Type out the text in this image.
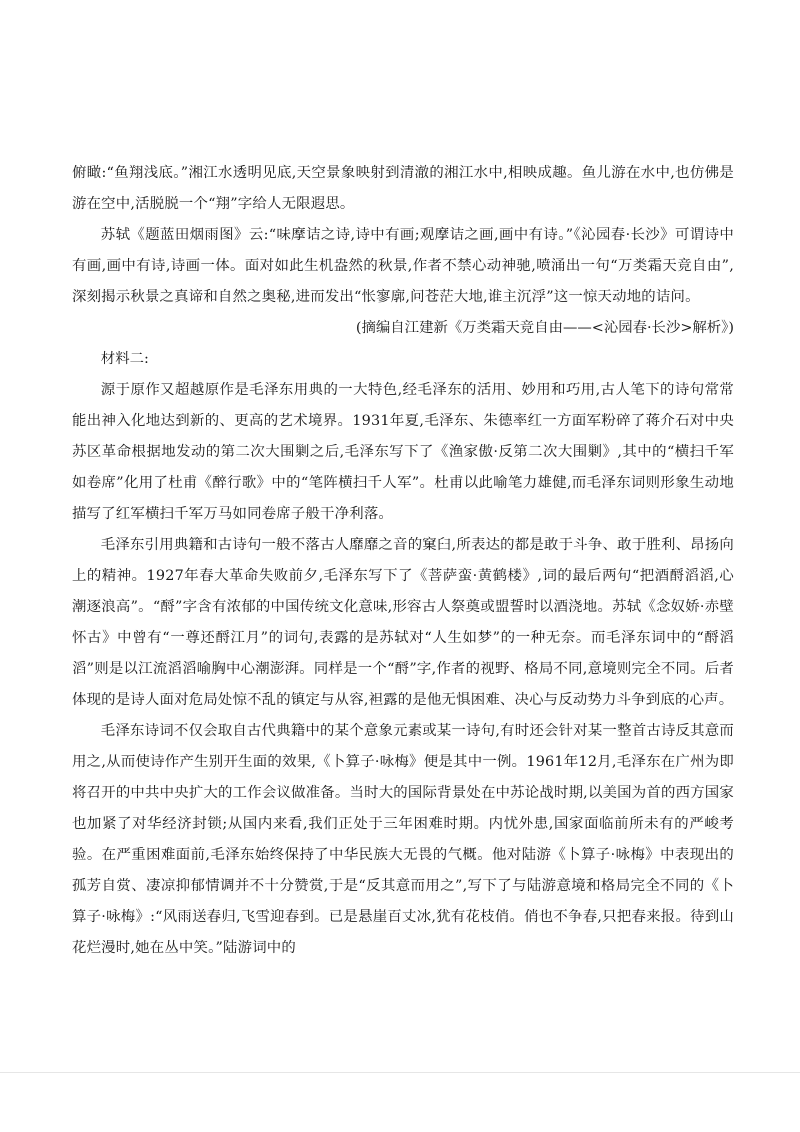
俯瞰:“鱼翔浅底。”湘江水透明见底,天空景象映射到清澈的湘江水中,相映成趣。鱼儿游在水中,也仿佛是游在空中,活脱脱一个“翔”字给人无限遐思。

苏轼《题蓝田烟雨图》云:“味摩诘之诗,诗中有画;观摩诘之画,画中有诗。”《沁园春·长沙》可谓诗中有画,画中有诗,诗画一体。面对如此生机盎然的秋景,作者不禁心动神驰,喷涌出一句“万类霜天竞自由”,深刻揭示秋景之真谛和自然之奥秘,进而发出“怅寥廓,问苍茫大地,谁主沉浮”这一惊天动地的诘问。

(摘编自江建新《万类霜天竞自由——<沁园春·长沙>解析》)

材料二:

源于原作又超越原作是毛泽东用典的一大特色,经毛泽东的活用、妙用和巧用,古人笔下的诗句常常能出神入化地达到新的、更高的艺术境界。1931年夏,毛泽东、朱德率红一方面军粉碎了蒋介石对中央苏区革命根据地发动的第二次大围剿之后,毛泽东写下了《渔家傲·反第二次大围剿》,其中的“横扫千军如卷席”化用了杜甫《醉行歌》中的“笔阵横扫千人军”。杜甫以此喻笔力雄健,而毛泽东词则形象生动地描写了红军横扫千军万马如同卷席子般干净利落。

毛泽东引用典籍和古诗句一般不落古人靡靡之音的窠臼,所表达的都是敢于斗争、敢于胜利、昂扬向上的精神。1927年春大革命失败前夕,毛泽东写下了《菩萨蛮·黄鹤楼》,词的最后两句“把酒酹滔滔,心潮逐浪高”。“酹”字含有浓郁的中国传统文化意味,形容古人祭奠或盟誓时以酒浇地。苏轼《念奴娇·赤壁怀古》中曾有“一尊还酹江月”的词句,表露的是苏轼对“人生如梦”的一种无奈。而毛泽东词中的“酹滔滔”则是以江流滔滔喻胸中心潮澎湃。同样是一个“酹”字,作者的视野、格局不同,意境则完全不同。后者体现的是诗人面对危局处惊不乱的镇定与从容,袒露的是他无惧困难、决心与反动势力斗争到底的心声。

毛泽东诗词不仅会取自古代典籍中的某个意象元素或某一诗句,有时还会针对某一整首古诗反其意而用之,从而使诗作产生别开生面的效果,《卜算子·咏梅》便是其中一例。1961年12月,毛泽东在广州为即将召开的中共中央扩大的工作会议做准备。当时大的国际背景处在中苏论战时期,以美国为首的西方国家也加紧了对华经济封锁;从国内来看,我们正处于三年困难时期。内忧外患,国家面临前所未有的严峻考验。在严重困难面前,毛泽东始终保持了中华民族大无畏的气概。他对陆游《卜算子·咏梅》中表现出的孤芳自赏、凄凉抑郁情调并不十分赞赏,于是“反其意而用之”,写下了与陆游意境和格局完全不同的《卜算子·咏梅》:“风雨送春归,飞雪迎春到。已是悬崖百丈冰,犹有花枝俏。俏也不争春,只把春来报。待到山花烂漫时,她在丛中笑。”陆游词中的
